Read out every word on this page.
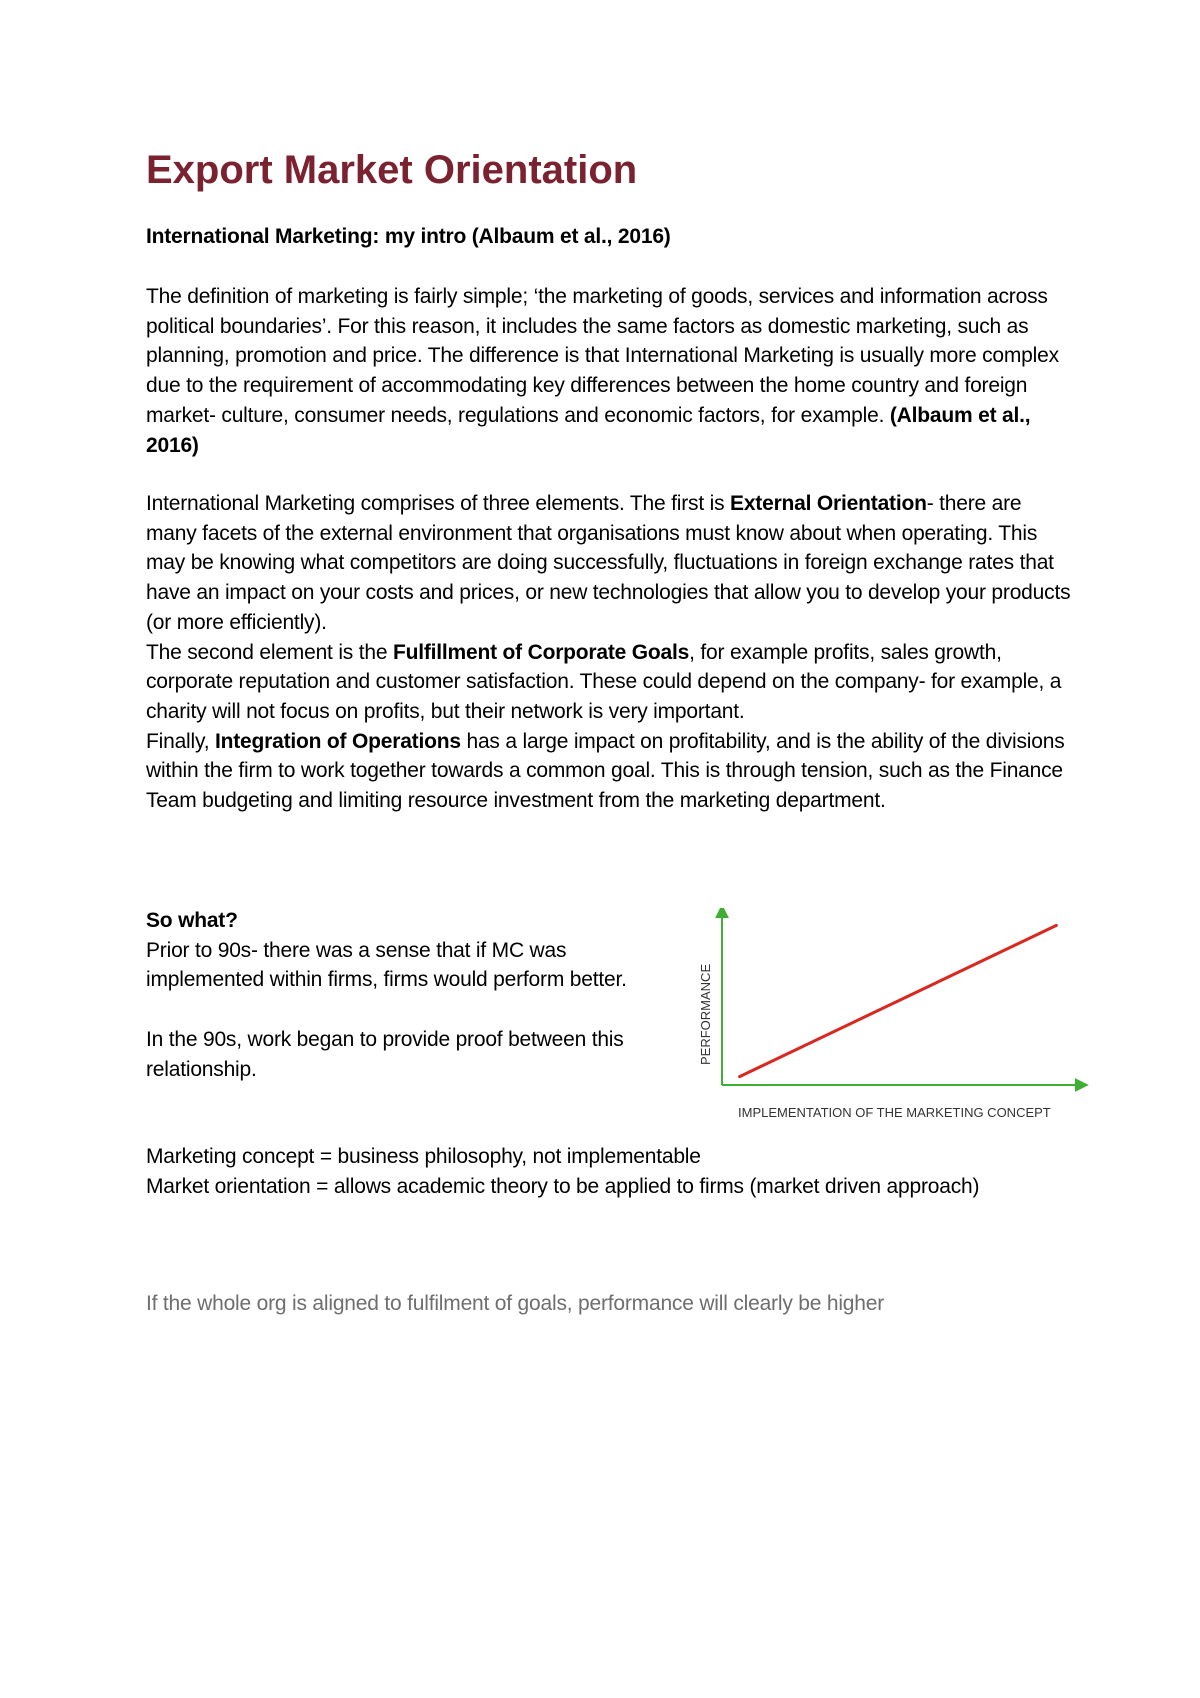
Export Market Orientation

International Marketing: my intro (Albaum et al., 2016)

The definition of marketing is fairly simple; ‘the marketing of goods, services and information across political boundaries’. For this reason, it includes the same factors as domestic marketing, such as planning, promotion and price. The difference is that International Marketing is usually more complex due to the requirement of accommodating key differences between the home country and foreign market- culture, consumer needs, regulations and economic factors, for example. (Albaum et al., 2016)

International Marketing comprises of three elements. The first is External Orientation- there are many facets of the external environment that organisations must know about when operating. This may be knowing what competitors are doing successfully, fluctuations in foreign exchange rates that have an impact on your costs and prices, or new technologies that allow you to develop your products (or more efficiently).

The second element is the Fulfillment of Corporate Goals, for example profits, sales growth, corporate reputation and customer satisfaction. These could depend on the company- for example, a charity will not focus on profits, but their network is very important.

Finally, Integration of Operations has a large impact on profitability, and is the ability of the divisions within the firm to work together towards a common goal. This is through tension, such as the Finance Team budgeting and limiting resource investment from the marketing department.

So what?

Prior to 90s- there was a sense that if MC was implemented within firms, firms would perform better.

In the 90s, work began to provide proof between this relationship.

IMPLEMENTATION OF THE MARKETING CONCEPT
PERFORMANCE

Marketing concept = business philosophy, not implementable

Market orientation = allows academic theory to be applied to firms (market driven approach)

If the whole org is aligned to fulfilment of goals, performance will clearly be higher
